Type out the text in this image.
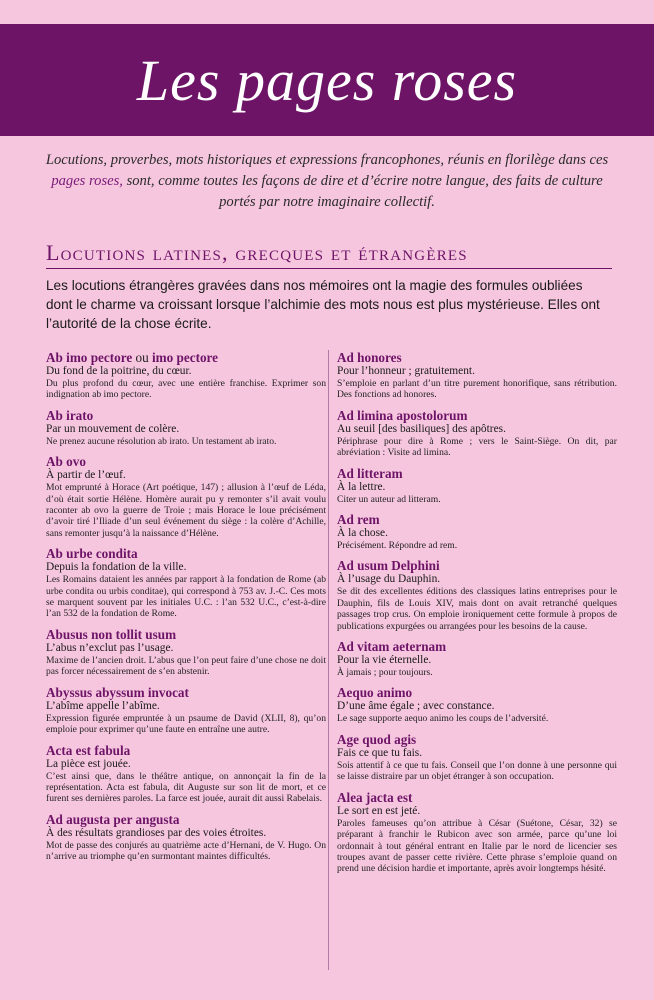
Les pages roses
Locutions, proverbes, mots historiques et expressions francophones, réunis en florilège dans ces pages roses, sont, comme toutes les façons de dire et d’écrire notre langue, des faits de culture portés par notre imaginaire collectif.
Locutions latines, grecques et étrangères
Les locutions étrangères gravées dans nos mémoires ont la magie des formules oubliées dont le charme va croissant lorsque l’alchimie des mots nous est plus mystérieuse. Elles ont l’autorité de la chose écrite.
Ab imo pectore ou imo pectore
Du fond de la poitrine, du cœur.
Du plus profond du cœur, avec une entière franchise. Exprimer son indignation ab imo pectore.
Ab irato
Par un mouvement de colère.
Ne prenez aucune résolution ab irato. Un testament ab irato.
Ab ovo
À partir de l’œuf.
Mot emprunté à Horace (Art poétique, 147) ; allusion à l’œuf de Léda, d’où était sortie Hélène. Homère aurait pu y remonter s’il avait voulu raconter ab ovo la guerre de Troie ; mais Horace le loue précisément d’avoir tiré l’Iliade d’un seul événement du siège : la colère d’Achille, sans remonter jusqu’à la naissance d’Hélène.
Ab urbe condita
Depuis la fondation de la ville.
Les Romains dataient les années par rapport à la fondation de Rome (ab urbe condita ou urbis conditae), qui correspond à 753 av. J.-C. Ces mots se marquent souvent par les initiales U.C. : l’an 532 U.C., c’est-à-dire l’an 532 de la fondation de Rome.
Abusus non tollit usum
L’abus n’exclut pas l’usage.
Maxime de l’ancien droit. L’abus que l’on peut faire d’une chose ne doit pas forcer nécessairement de s’en abstenir.
Abyssus abyssum invocat
L’abîme appelle l’abîme.
Expression figurée empruntée à un psaume de David (XLII, 8), qu’on emploie pour exprimer qu’une faute en entraîne une autre.
Acta est fabula
La pièce est jouée.
C’est ainsi que, dans le théâtre antique, on annonçait la fin de la représentation. Acta est fabula, dit Auguste sur son lit de mort, et ce furent ses dernières paroles. La farce est jouée, aurait dit aussi Rabelais.
Ad augusta per angusta
À des résultats grandioses par des voies étroites.
Mot de passe des conjurés au quatrième acte d’Hernani, de V. Hugo. On n’arrive au triomphe qu’en surmontant maintes difficultés.
Ad honores
Pour l’honneur ; gratuitement.
S’emploie en parlant d’un titre purement honorifique, sans rétribution. Des fonctions ad honores.
Ad limina apostolorum
Au seuil [des basiliques] des apôtres.
Périphrase pour dire à Rome ; vers le Saint-Siège. On dit, par abréviation : Visite ad limina.
Ad litteram
À la lettre.
Citer un auteur ad litteram.
Ad rem
À la chose.
Précisément. Répondre ad rem.
Ad usum Delphini
À l’usage du Dauphin.
Se dit des excellentes éditions des classiques latins entreprises pour le Dauphin, fils de Louis XIV, mais dont on avait retranché quelques passages trop crus. On emploie ironiquement cette formule à propos de publications expurgées ou arrangées pour les besoins de la cause.
Ad vitam aeternam
Pour la vie éternelle.
À jamais ; pour toujours.
Aequo animo
D’une âme égale ; avec constance.
Le sage supporte aequo animo les coups de l’adversité.
Age quod agis
Fais ce que tu fais.
Sois attentif à ce que tu fais. Conseil que l’on donne à une personne qui se laisse distraire par un objet étranger à son occupation.
Alea jacta est
Le sort en est jeté.
Paroles fameuses qu’on attribue à César (Suétone, César, 32) se préparant à franchir le Rubicon avec son armée, parce qu’une loi ordonnait à tout général entrant en Italie par le nord de licencier ses troupes avant de passer cette rivière. Cette phrase s’emploie quand on prend une décision hardie et importante, après avoir longtemps hésité.
